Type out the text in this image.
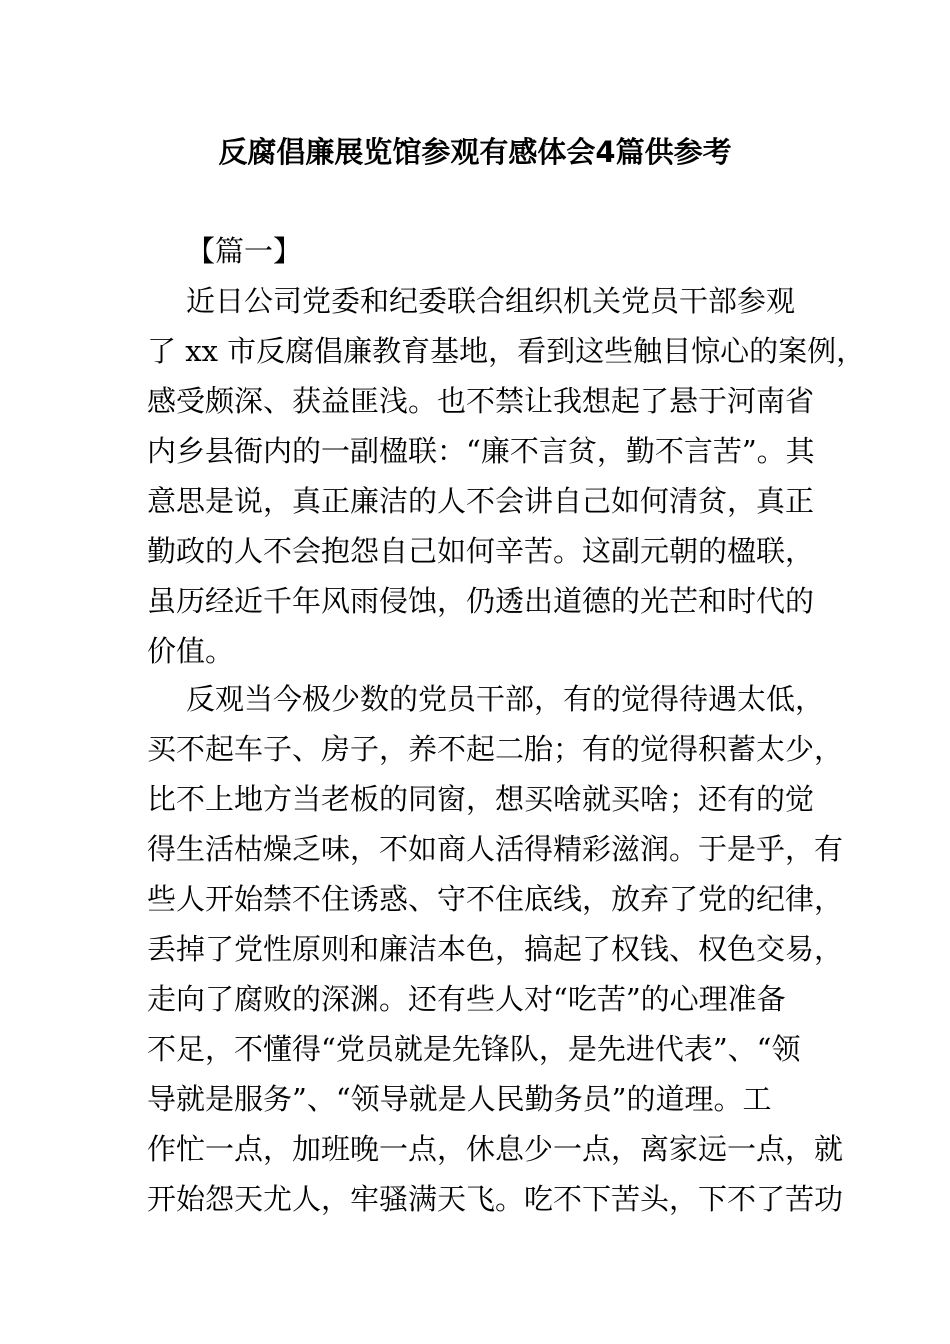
反腐倡廉展览馆参观有感体会4篇供参考
【篇一】
近日公司党委和纪委联合组织机关党员干部参观
了 xx 市反腐倡廉教育基地，看到这些触目惊心的案例，
感受颇深、获益匪浅。也不禁让我想起了悬于河南省
内乡县衙内的一副楹联：“廉不言贫，勤不言苦”。其
意思是说，真正廉洁的人不会讲自己如何清贫，真正
勤政的人不会抱怨自己如何辛苦。这副元朝的楹联，
虽历经近千年风雨侵蚀，仍透出道德的光芒和时代的
价值。
反观当今极少数的党员干部，有的觉得待遇太低，
买不起车子、房子，养不起二胎；有的觉得积蓄太少，
比不上地方当老板的同窗，想买啥就买啥；还有的觉
得生活枯燥乏味，不如商人活得精彩滋润。于是乎，有
些人开始禁不住诱惑、守不住底线，放弃了党的纪律，
丢掉了党性原则和廉洁本色，搞起了权钱、权色交易，
走向了腐败的深渊。还有些人对“吃苦”的心理准备
不足，不懂得“党员就是先锋队，是先进代表”、“领
导就是服务”、“领导就是人民勤务员”的道理。工
作忙一点，加班晚一点，休息少一点，离家远一点，就
开始怨天尤人，牢骚满天飞。吃不下苦头，下不了苦功
